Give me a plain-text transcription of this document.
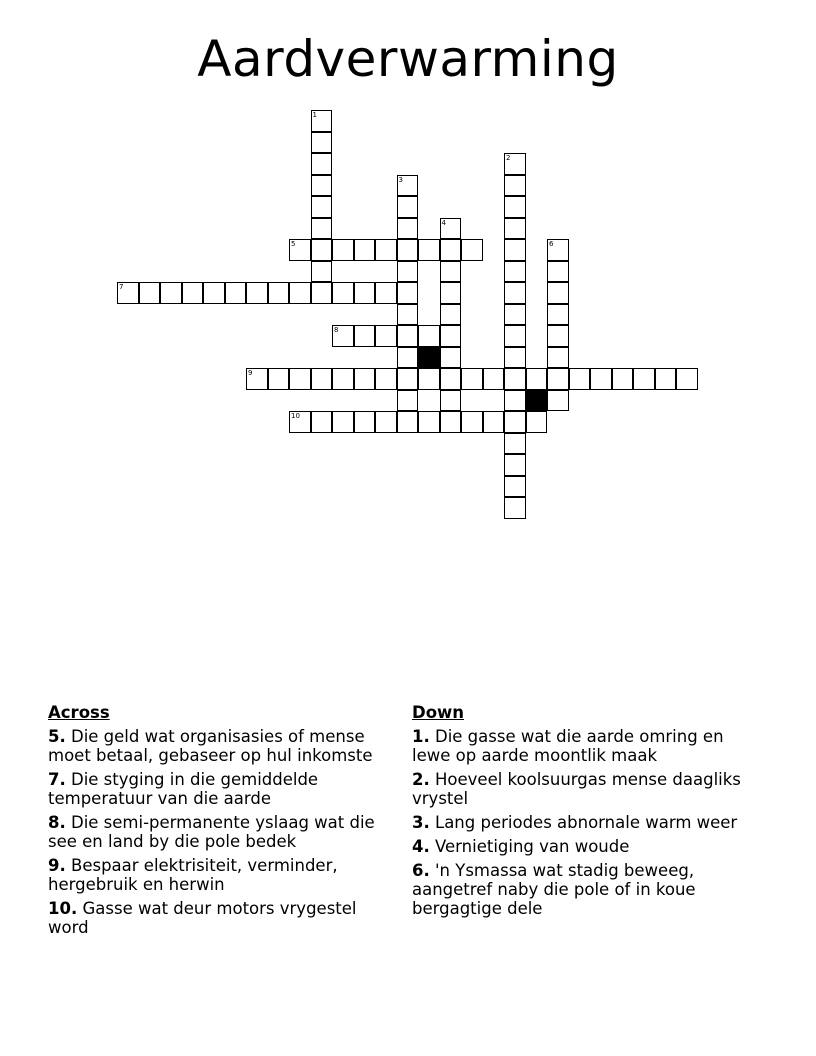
Aardverwarming
1
2
3
4
5	6
7
8
9
10
Across
5. Die geld wat organisasies of mense moet betaal, gebaseer op hul inkomste
7. Die styging in die gemiddelde temperatuur van die aarde
8. Die semi-permanente yslaag wat die see en land by die pole bedek
9. Bespaar elektrisiteit, verminder, hergebruik en herwin
10. Gasse wat deur motors vrygestel word
Down
1. Die gasse wat die aarde omring en lewe op aarde moontlik maak
2. Hoeveel koolsuurgas mense daagliks vrystel
3. Lang periodes abnornale warm weer
4. Vernietiging van woude
6. 'n Ysmassa wat stadig beweeg, aangetref naby die pole of in koue bergagtige dele
